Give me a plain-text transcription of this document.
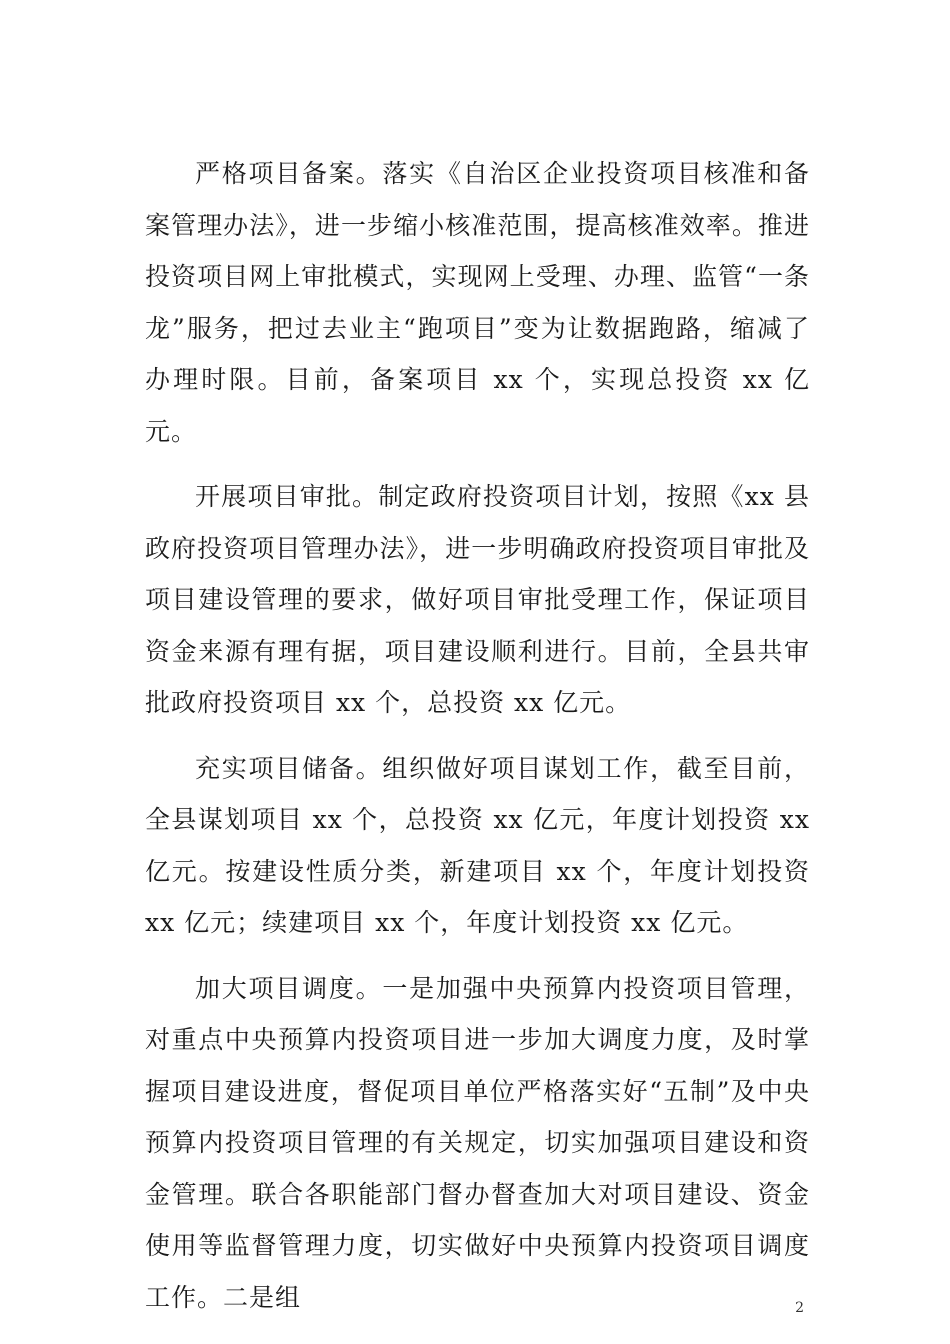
严格项目备案。落实《自治区企业投资项目核准和备案管理办法》，进一步缩小核准范围，提高核准效率。推进投资项目网上审批模式，实现网上受理、办理、监管“一条龙”服务，把过去业主“跑项目”变为让数据跑路，缩减了办理时限。目前，备案项目 xx 个，实现总投资 xx 亿元。

开展项目审批。制定政府投资项目计划，按照《xx 县政府投资项目管理办法》，进一步明确政府投资项目审批及项目建设管理的要求，做好项目审批受理工作，保证项目资金来源有理有据，项目建设顺利进行。目前，全县共审批政府投资项目 xx 个，总投资 xx 亿元。

充实项目储备。组织做好项目谋划工作，截至目前，全县谋划项目 xx 个，总投资 xx 亿元，年度计划投资 xx 亿元。按建设性质分类，新建项目 xx 个，年度计划投资 xx 亿元；续建项目 xx 个，年度计划投资 xx 亿元。

加大项目调度。一是加强中央预算内投资项目管理，对重点中央预算内投资项目进一步加大调度力度，及时掌握项目建设进度，督促项目单位严格落实好“五制”及中央预算内投资项目管理的有关规定，切实加强项目建设和资金管理。联合各职能部门督办督查加大对项目建设、资金使用等监督管理力度，切实做好中央预算内投资项目调度工作。二是组	2
